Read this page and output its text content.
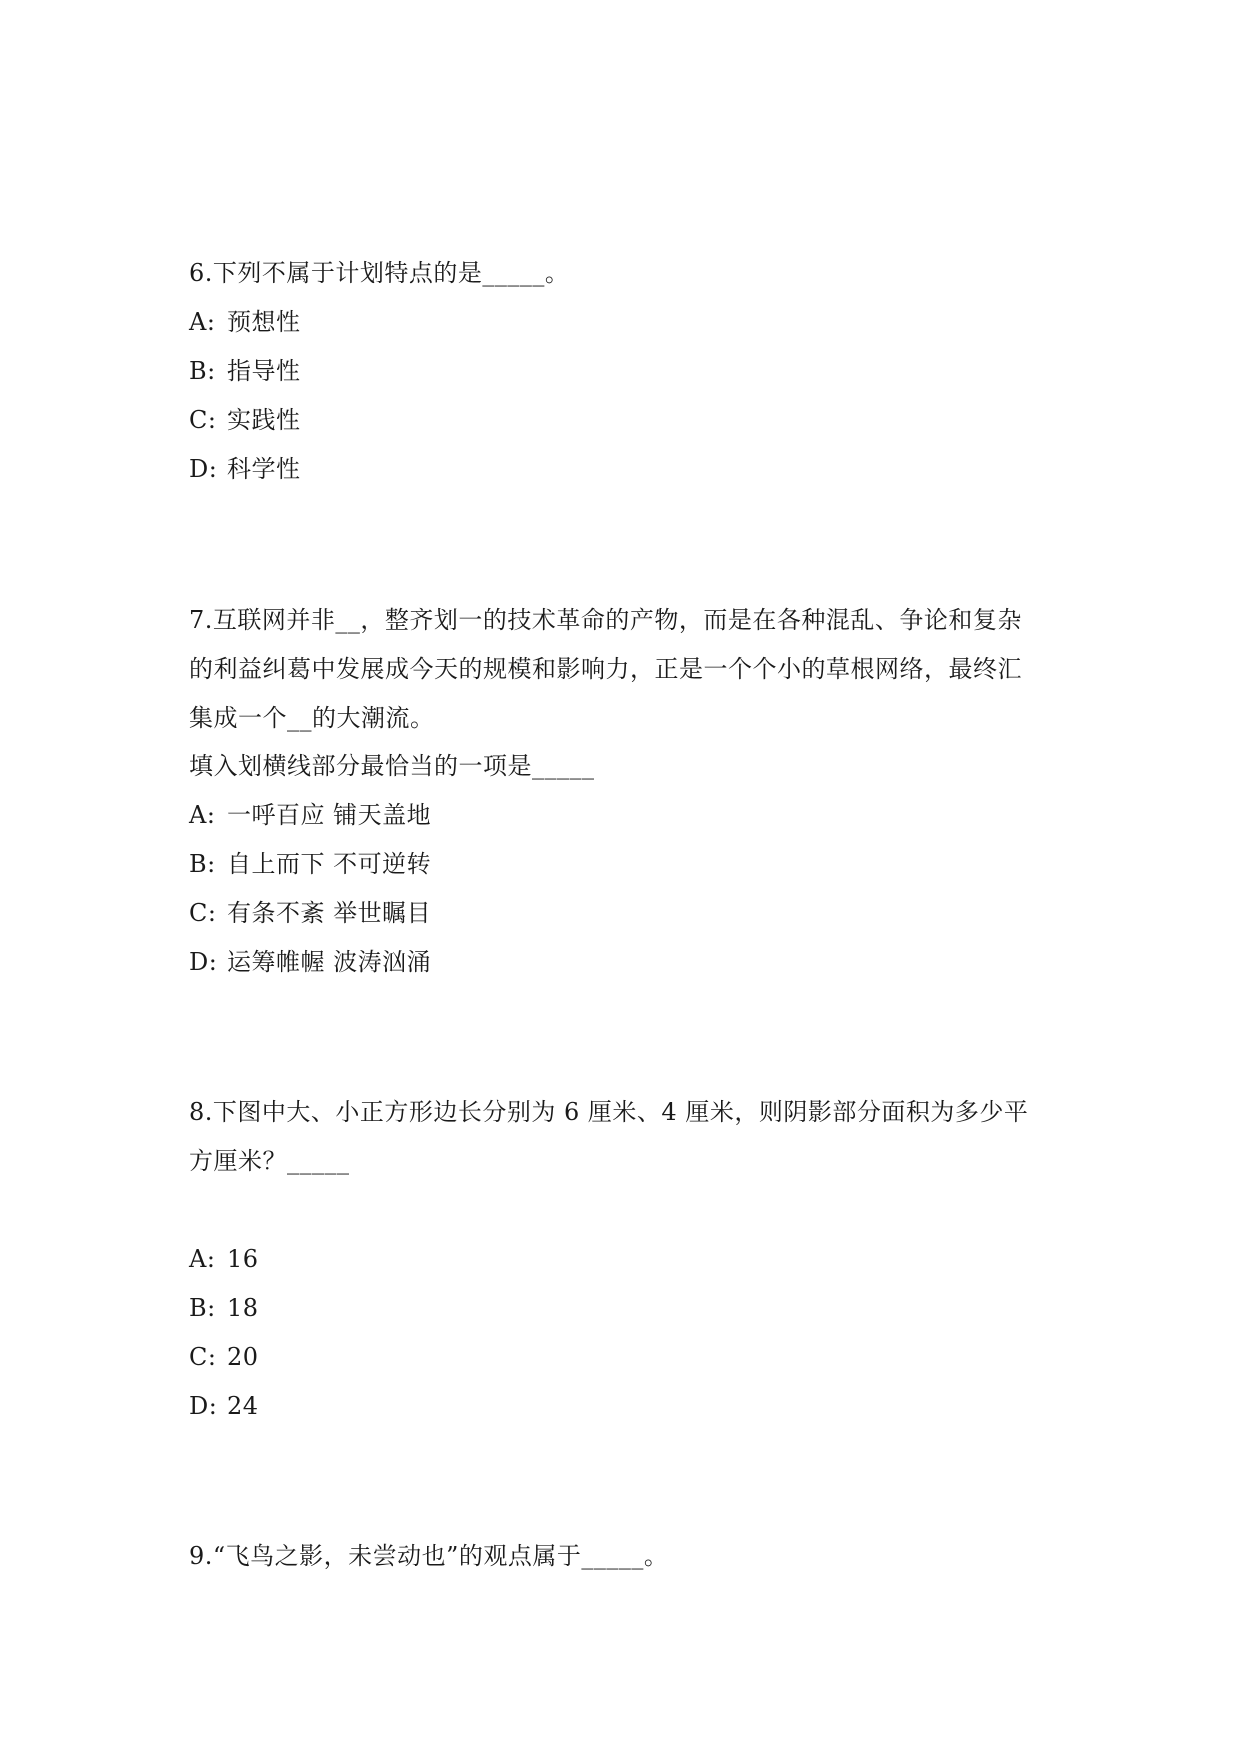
6.下列不属于计划特点的是_____。
A: 预想性
B: 指导性
C: 实践性
D: 科学性
7.互联网并非__，整齐划一的技术革命的产物，而是在各种混乱、争论和复杂
的利益纠葛中发展成今天的规模和影响力，正是一个个小的草根网络，最终汇
集成一个__的大潮流。
填入划横线部分最恰当的一项是_____
A: 一呼百应 铺天盖地
B: 自上而下 不可逆转
C: 有条不紊 举世瞩目
D: 运筹帷幄 波涛汹涌
8.下图中大、小正方形边长分别为 6 厘米、4 厘米，则阴影部分面积为多少平
方厘米？_____
A: 16
B: 18
C: 20
D: 24
9.“飞鸟之影，未尝动也”的观点属于_____。
